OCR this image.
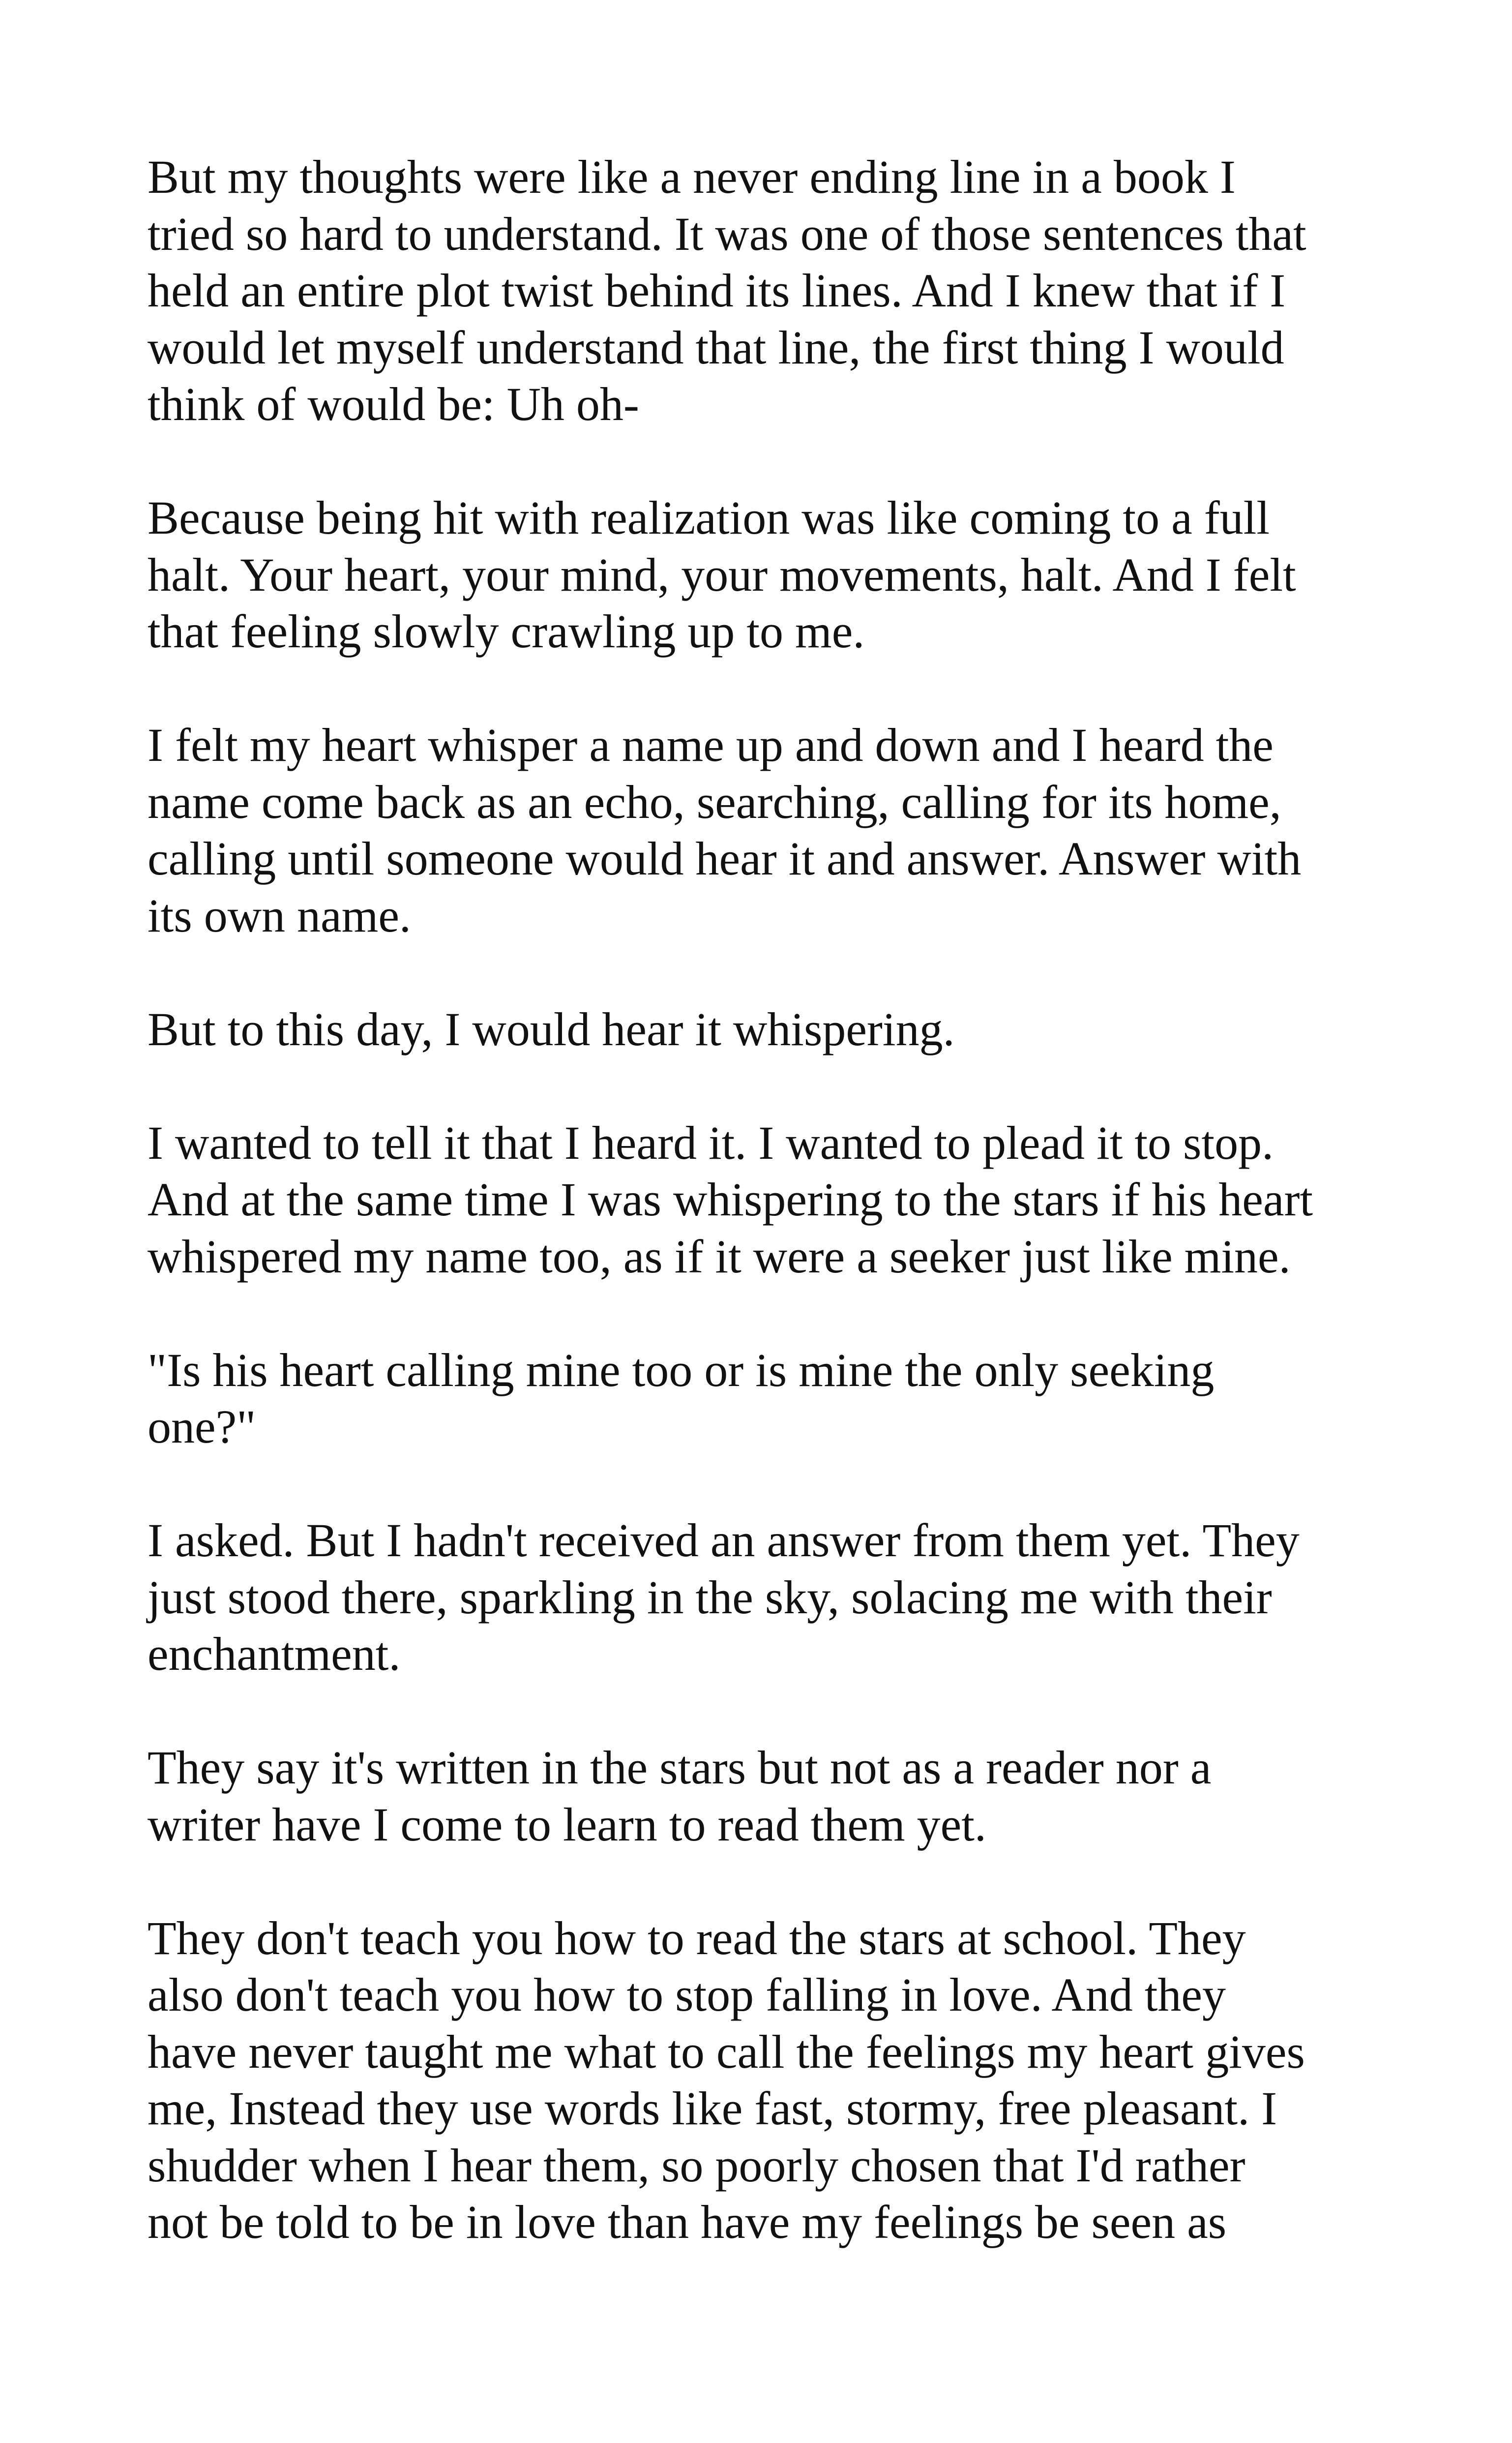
But my thoughts were like a never ending line in a book I
tried so hard to understand. It was one of those sentences that
held an entire plot twist behind its lines. And I knew that if I
would let myself understand that line, the first thing I would
think of would be: Uh oh-

Because being hit with realization was like coming to a full
halt. Your heart, your mind, your movements, halt. And I felt
that feeling slowly crawling up to me.

I felt my heart whisper a name up and down and I heard the
name come back as an echo, searching, calling for its home,
calling until someone would hear it and answer. Answer with
its own name.

But to this day, I would hear it whispering.

I wanted to tell it that I heard it. I wanted to plead it to stop.
And at the same time I was whispering to the stars if his heart
whispered my name too, as if it were a seeker just like mine.

"Is his heart calling mine too or is mine the only seeking
one?"

I asked. But I hadn't received an answer from them yet. They
just stood there, sparkling in the sky, solacing me with their
enchantment.

They say it's written in the stars but not as a reader nor a
writer have I come to learn to read them yet.

They don't teach you how to read the stars at school. They
also don't teach you how to stop falling in love. And they
have never taught me what to call the feelings my heart gives
me, Instead they use words like fast, stormy, free pleasant. I
shudder when I hear them, so poorly chosen that I'd rather
not be told to be in love than have my feelings be seen as
